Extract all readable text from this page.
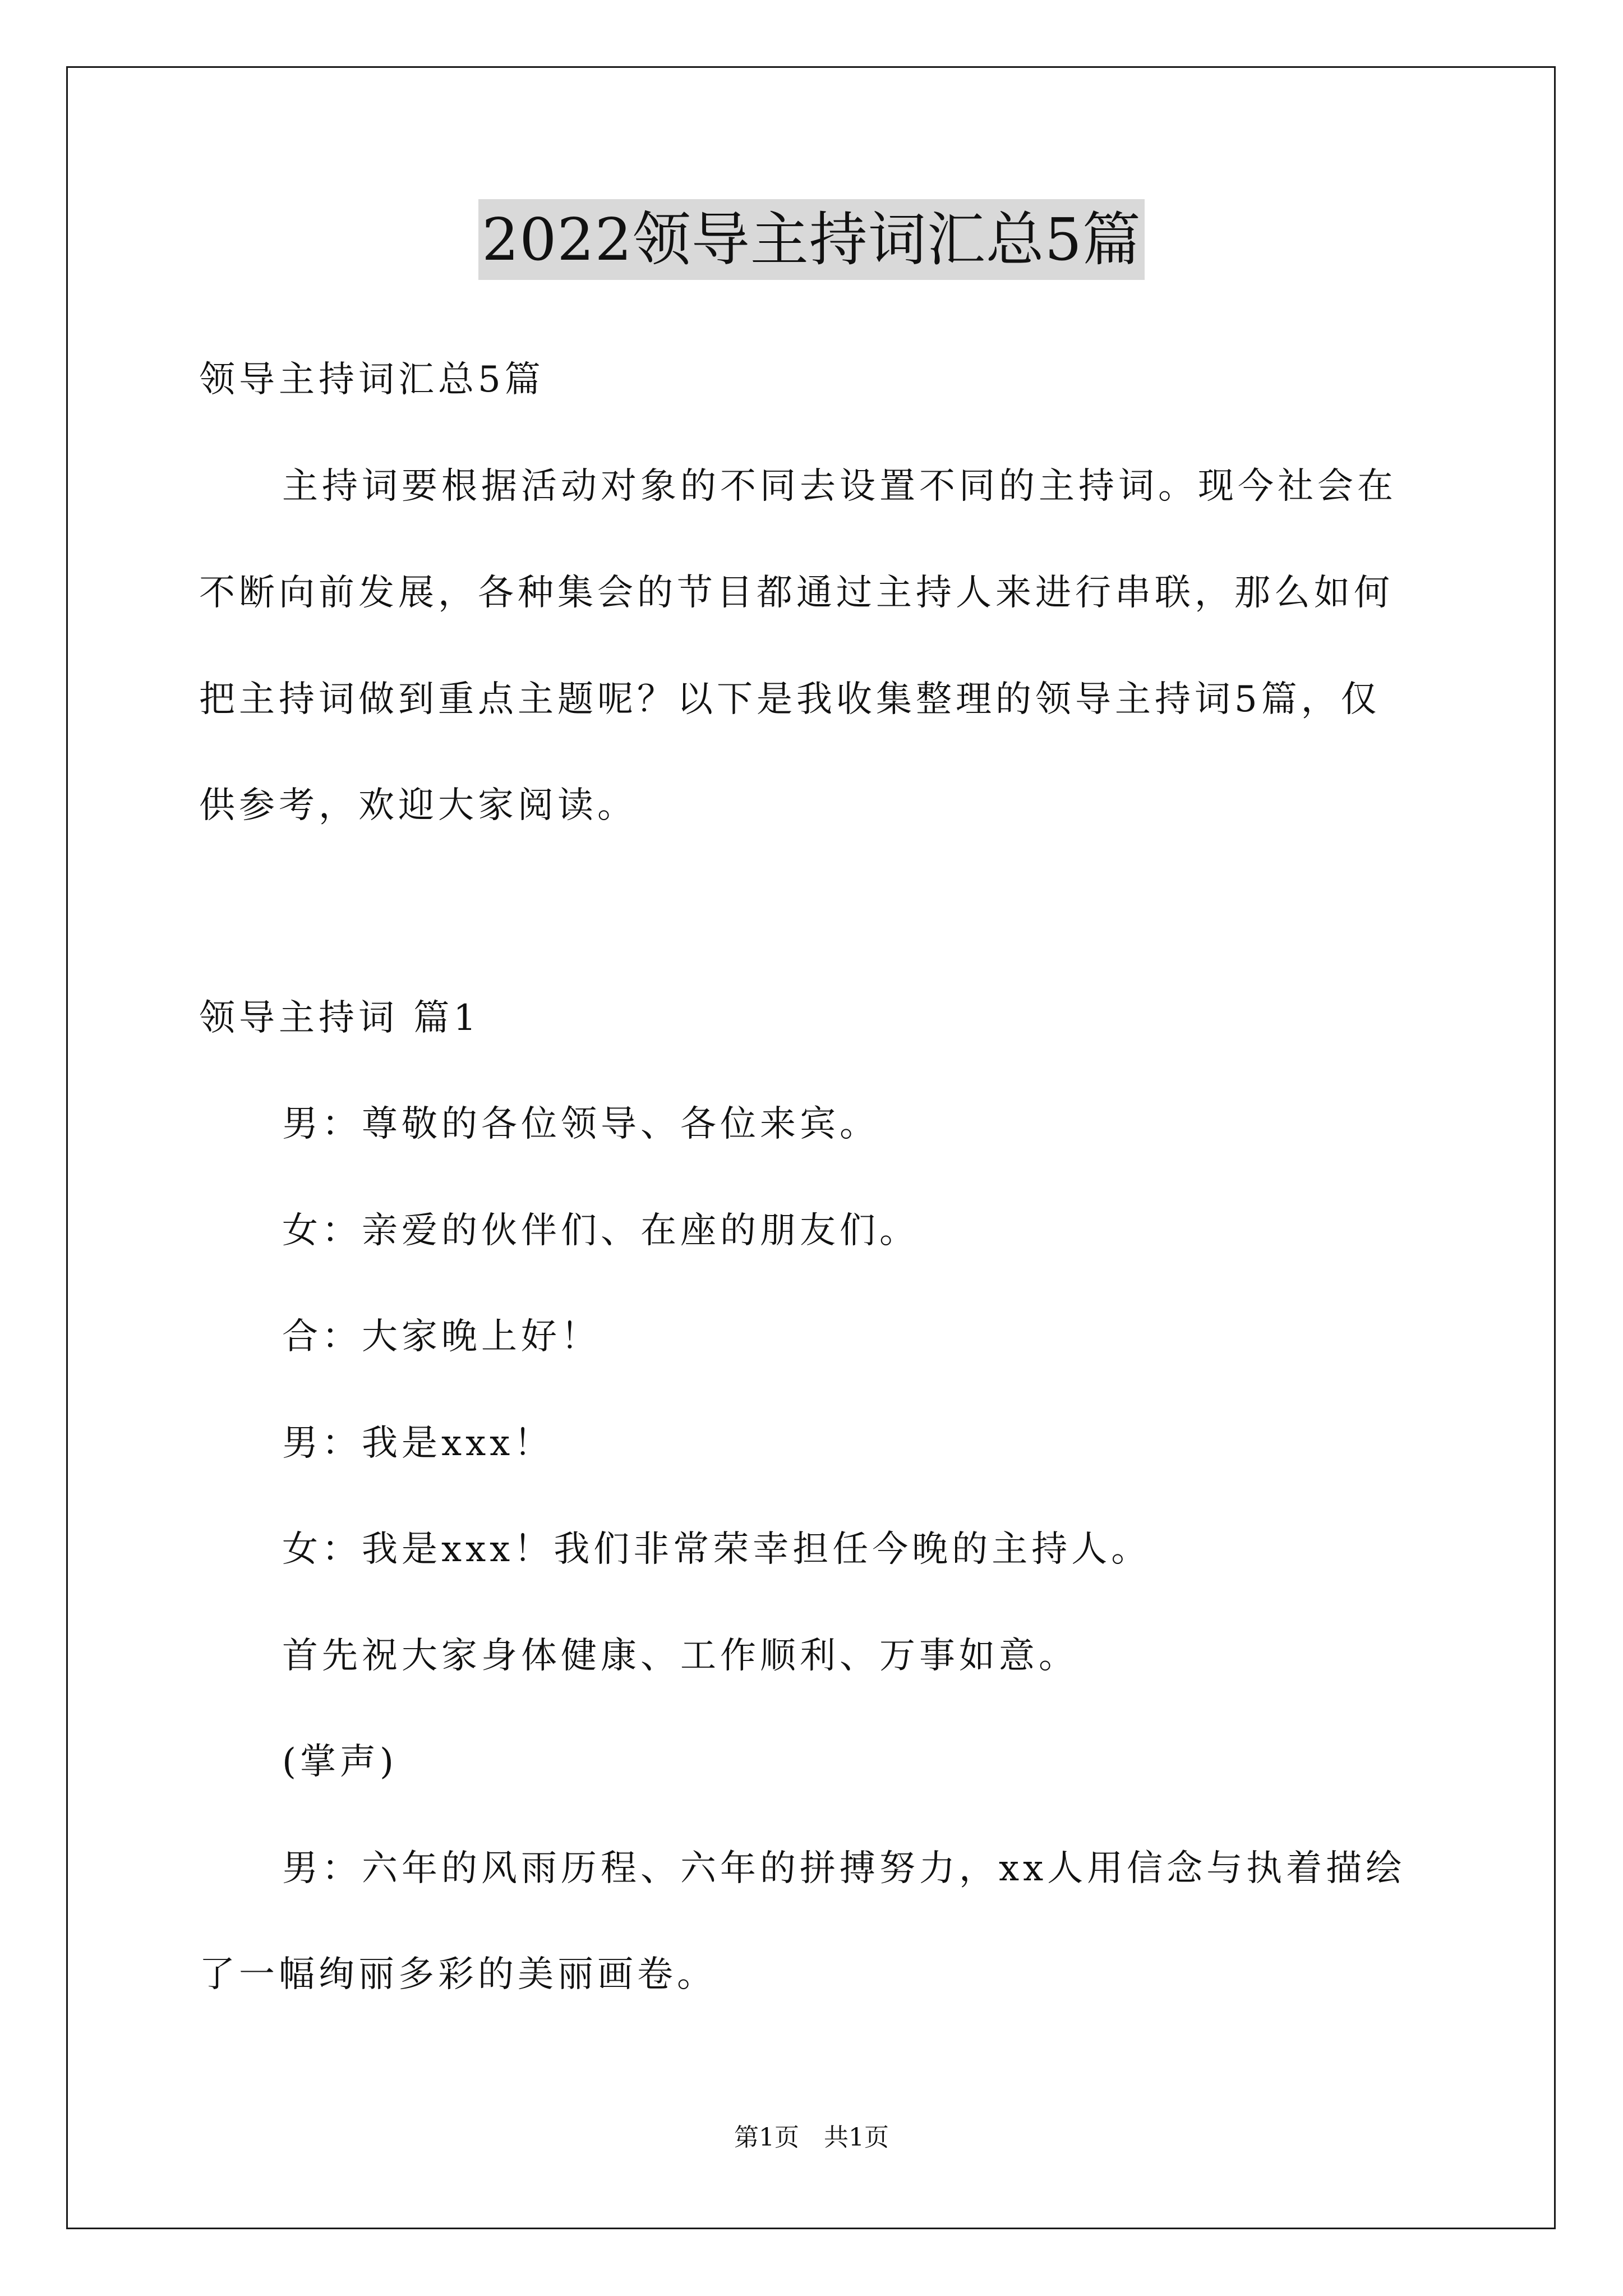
2022领导主持词汇总5篇
领导主持词汇总5篇
主持词要根据活动对象的不同去设置不同的主持词。现今社会在
不断向前发展，各种集会的节目都通过主持人来进行串联，那么如何
把主持词做到重点主题呢？以下是我收集整理的领导主持词5篇，仅
供参考，欢迎大家阅读。
领导主持词 篇1
男：尊敬的各位领导、各位来宾。
女：亲爱的伙伴们、在座的朋友们。
合：大家晚上好！
男：我是xxx！
女：我是xxx！我们非常荣幸担任今晚的主持人。
首先祝大家身体健康、工作顺利、万事如意。
(掌声)
男：六年的风雨历程、六年的拼搏努力，xx人用信念与执着描绘
了一幅绚丽多彩的美丽画卷。
第1页　共1页
